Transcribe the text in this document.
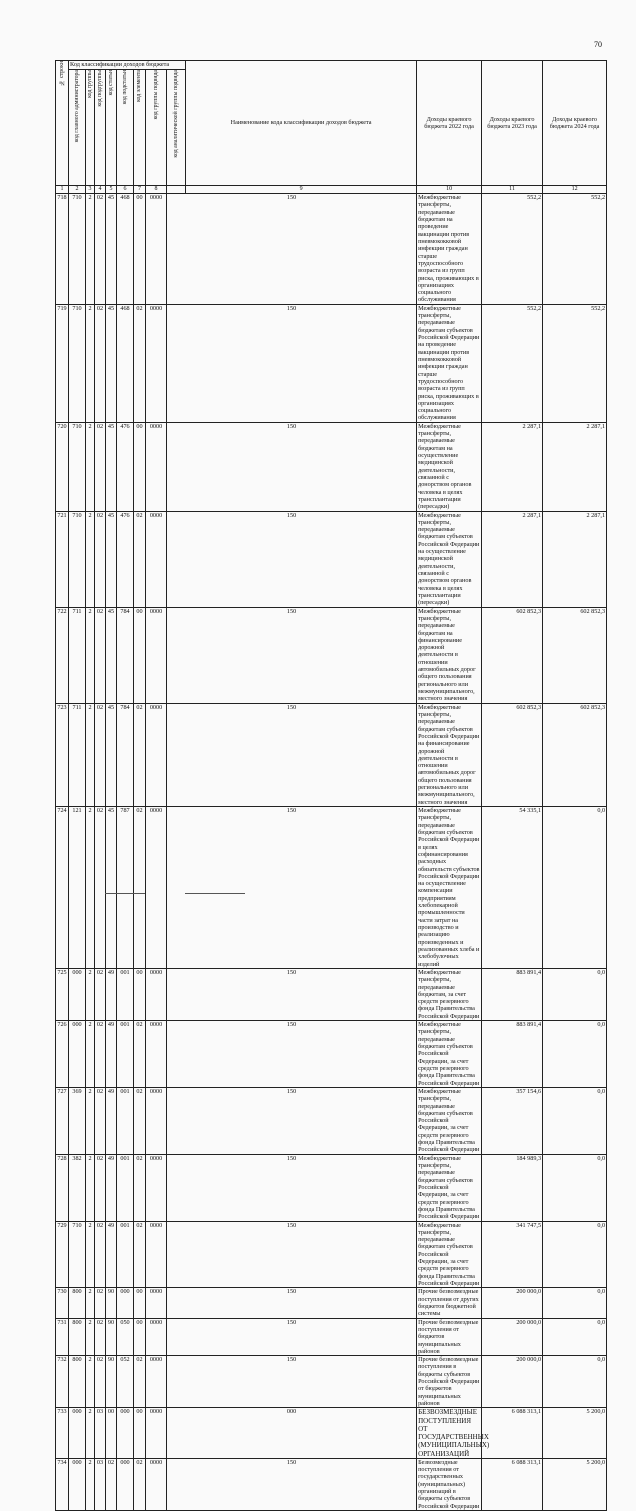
70
№ строки	Код классификации доходов бюджета								Наименование кода классификации доходов бюджета	Доходы краевого бюджета 2022 года	Доходы краевого бюджета 2023 года	Доходы краевого бюджета 2024 года	

	код главного администратора	код группы	код подгруппы	код статьи	код подстатьи	код элемента	код группы подвида	код аналитической группы подвида					

1	2	3	4	5	6	7	8		9	10	11	12	
718	710	2	02	45	468	00	0000	150		Межбюджетные трансферты, передаваемые бюджетам на проведение вакцинации против пневмококковой инфекции граждан старше трудоспособного возраста из групп риска, проживающих в организациях социального обслуживания	552,2	552,2	
719	710	2	02	45	468	02	0000	150		Межбюджетные трансферты, передаваемые бюджетам субъектов Российской Федерации на проведение вакцинации против пневмококковой инфекции граждан старше трудоспособного возраста из групп риска, проживающих в организациях социального обслуживания	552,2	552,2	
720	710	2	02	45	476	00	0000	150		Межбюджетные трансферты, передаваемые бюджетам на осуществление медицинской деятельности, связанной с донорством органов человека в целях трансплантации (пересадки)	2 287,1	2 287,1	
721	710	2	02	45	476	02	0000	150		Межбюджетные трансферты, передаваемые бюджетам субъектов Российской Федерации на осуществление медицинской деятельности, связанной с донорством органов человека в целях трансплантации (пересадки)	2 287,1	2 287,1	
722	711	2	02	45	784	00	0000	150		Межбюджетные трансферты, передаваемые бюджетам на финансирование дорожной деятельности в отношении автомобильных дорог общего пользования регионального или межмуниципального, местного значения	602 852,3	602 852,3	
723	711	2	02	45	784	02	0000	150		Межбюджетные трансферты, передаваемые бюджетам субъектов Российской Федерации на финансирование дорожной деятельности в отношении автомобильных дорог общего пользования регионального или межмуниципального, местного значения	602 852,3	602 852,3	
724	121	2	02	45	787	02	0000	150		Межбюджетные трансферты, передаваемые бюджетам субъектов Российской Федерации в целях софинансирования расходных обязательств субъектов Российской Федерации на осуществление компенсации предприятиям хлебопекарной промышленности части затрат на производство и реализацию произведенных и реализованных хлеба и хлебобулочных изделий	54 335,1	0,0	
725	000	2	02	49	001	00	0000	150		Межбюджетные трансферты, передаваемые бюджетам, за счет средств резервного фонда Правительства Российской Федерации	883 891,4	0,0	
726	000	2	02	49	001	02	0000	150		Межбюджетные трансферты, передаваемые бюджетам субъектов Российской Федерации, за счет средств резервного фонда Правительства Российской Федерации	883 891,4	0,0	
727	369	2	02	49	001	02	0000	150		Межбюджетные трансферты, передаваемые бюджетам субъектов Российской Федерации, за счет средств резервного фонда Правительства Российской Федерации	357 154,6	0,0	
728	382	2	02	49	001	02	0000	150		Межбюджетные трансферты, передаваемые бюджетам субъектов Российской Федерации, за счет средств резервного фонда Правительства Российской Федерации	184 989,3	0,0	
729	710	2	02	49	001	02	0000	150		Межбюджетные трансферты, передаваемые бюджетам субъектов Российской Федерации, за счет средств резервного фонда Правительства Российской Федерации	341 747,5	0,0	
730	800	2	02	90	000	00	0000	150		Прочие безвозмездные поступления от других бюджетов бюджетной системы	200 000,0	0,0	
731	800	2	02	90	050	00	0000	150		Прочие безвозмездные поступления от бюджетов муниципальных районов	200 000,0	0,0	
732	800	2	02	90	052	02	0000	150		Прочие безвозмездные поступления в бюджеты субъектов Российской Федерации от бюджетов муниципальных районов	200 000,0	0,0	
733	000	2	03	00	000	00	0000	000		БЕЗВОЗМЕЗДНЫЕ ПОСТУПЛЕНИЯ ОТ ГОСУДАРСТВЕННЫХ (МУНИЦИПАЛЬНЫХ) ОРГАНИЗАЦИЙ	6 088 313,1	5 200,0	
734	000	2	03	02	000	02	0000	150		Безвозмездные поступления от государственных (муниципальных) организаций в бюджеты субъектов Российской Федерации	6 088 313,1	5 200,0	
